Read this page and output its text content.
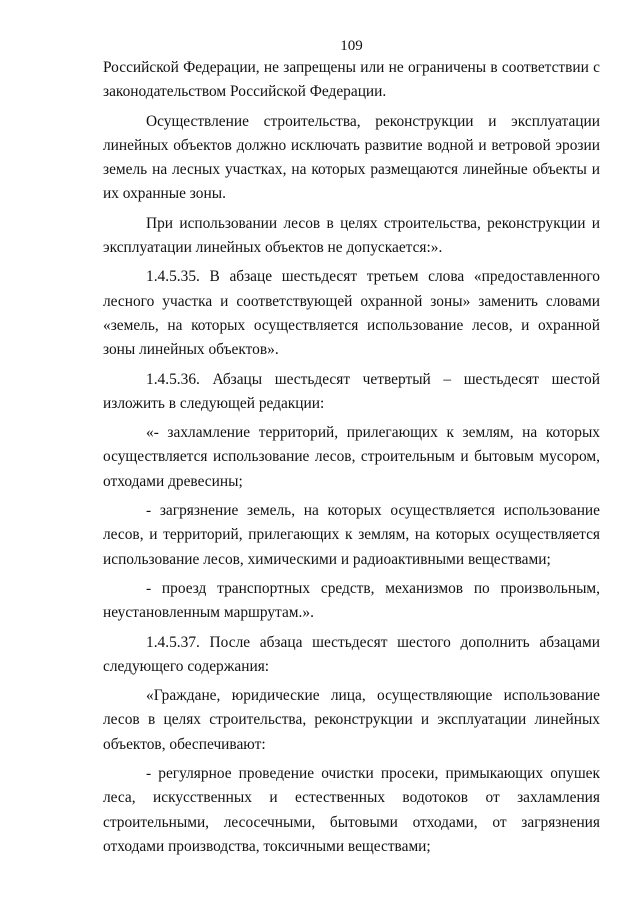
109

Российской Федерации, не запрещены или не ограничены в соответствии с законодательством Российской Федерации.

Осуществление строительства, реконструкции и эксплуатации линейных объектов должно исключать развитие водной и ветровой эрозии земель на лесных участках, на которых размещаются линейные объекты и их охранные зоны.

При использовании лесов в целях строительства, реконструкции и эксплуатации линейных объектов не допускается:».

1.4.5.35. В абзаце шестьдесят третьем слова «предоставленного лесного участка и соответствующей охранной зоны» заменить словами «земель, на которых осуществляется использование лесов, и охранной зоны линейных объектов».

1.4.5.36. Абзацы шестьдесят четвертый – шестьдесят шестой изложить в следующей редакции:

«- захламление территорий, прилегающих к землям, на которых осуществляется использование лесов, строительным и бытовым мусором, отходами древесины;

- загрязнение земель, на которых осуществляется использование лесов, и территорий, прилегающих к землям, на которых осуществляется использование лесов, химическими и радиоактивными веществами;

- проезд транспортных средств, механизмов по произвольным, неустановленным маршрутам.».

1.4.5.37. После абзаца шестьдесят шестого дополнить абзацами следующего содержания:

«Граждане, юридические лица, осуществляющие использование лесов в целях строительства, реконструкции и эксплуатации линейных объектов, обеспечивают:

- регулярное проведение очистки просеки, примыкающих опушек леса, искусственных и естественных водотоков от захламления строительными, лесосечными, бытовыми отходами, от загрязнения отходами производства, токсичными веществами;
